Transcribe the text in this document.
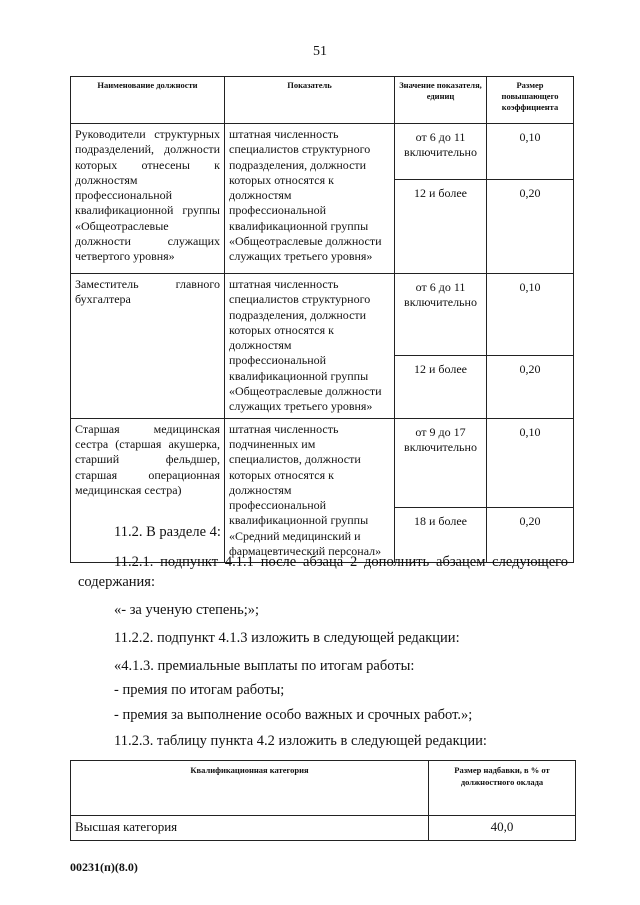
51
Наименование должности	Показатель	Значение показателя, единиц	Размер повышающего коэффициента
Руководители структурных подразделений, должности которых отнесены к должностям профессиональной квалификационной группы «Общеотраслевые должности служащих четвертого уровня»	штатная численность специалистов структурного подразделения, должности которых относятся к должностям профессиональной квалификационной группы «Общеотраслевые должности служащих третьего уровня»	от 6 до 11 включительно	0,10
		12 и более	0,20
Заместитель главного бухгалтера	штатная численность специалистов структурного подразделения, должности которых относятся к должностям профессиональной квалификационной группы «Общеотраслевые должности служащих третьего уровня»	от 6 до 11 включительно	0,10
		12 и более	0,20
Старшая медицинская сестра (старшая акушерка, старший фельдшер, старшая операционная медицинская сестра)	штатная численность подчиненных им специалистов, должности которых относятся к должностям профессиональной квалификационной группы «Средний медицинский и фармацевтический персонал»	от 9 до 17 включительно	0,10
		18 и более	0,20
11.2. В разделе 4:
11.2.1. подпункт 4.1.1 после абзаца 2 дополнить абзацем следующего содержания:
«- за ученую степень;»;
11.2.2. подпункт 4.1.3 изложить в следующей редакции:
«4.1.3. премиальные выплаты по итогам работы:
- премия по итогам работы;
- премия за выполнение особо важных и срочных работ.»;
11.2.3. таблицу пункта 4.2 изложить в следующей редакции:
Квалификационная категория	Размер надбавки, в % от должностного оклада
Высшая категория	40,0
00231(п)(8.0)
